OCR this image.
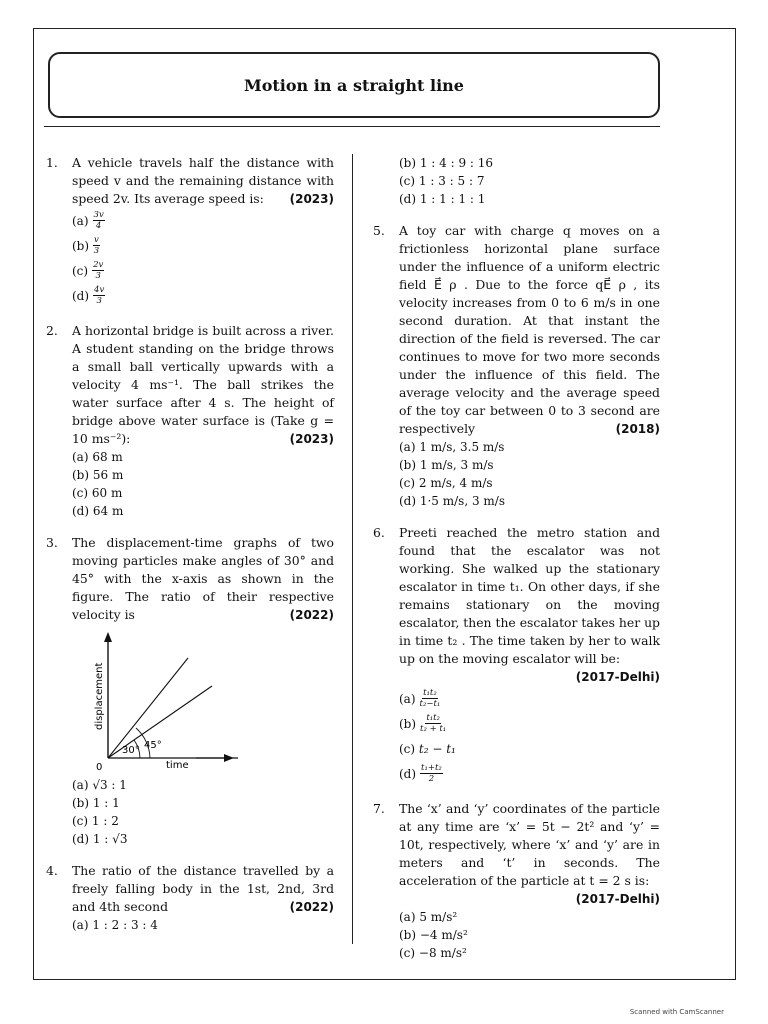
Motion in a straight line
1.	A vehicle travels half the distance with speed v and the remaining distance with speed 2v. Its average speed is: (2023)
$(a) \frac{3v}{4}$
$(b) \frac{v}{3}$
$(c) \frac{2v}{3}$
$(d) \frac{4v}{3}$
2.	A horizontal bridge is built across a river. A student standing on the bridge throws a small ball vertically upwards with a velocity 4 ms⁻¹. The ball strikes the water surface after 4 s. The height of bridge above water surface is (Take g = 10 ms⁻²):	(2023)
(a) 68 m
(b) 56 m
(c) 60 m
(d) 64 m
3.	The displacement-time graphs of two moving particles make angles of 30° and 45° with the x-axis as shown in the figure. The ratio of their respective velocity is	(2022)
displacement
time
0
30° 45°
(a) √3 : 1
(b) 1 : 1
(c) 1 : 2
(d) 1 : √3
4.	The ratio of the distance travelled by a freely falling body in the 1st, 2nd, 3rd and 4th second	(2022)
(a) 1 : 2 : 3 : 4
(b) 1 : 4 : 9 : 16
(c) 1 : 3 : 5 : 7
(d) 1 : 1 : 1 : 1
5.	A toy car with charge q moves on a frictionless horizontal plane surface under the influence of a uniform electric field E⃗ ρ . Due to the force qE⃗ ρ , its velocity increases from 0 to 6 m/s in one second duration. At that instant the direction of the field is reversed. The car continues to move for two more seconds under the influence of this field. The average velocity and the average speed of the toy car between 0 to 3 second are respectively	(2018)
(a) 1 m/s, 3.5 m/s
(b) 1 m/s, 3 m/s
(c) 2 m/s, 4 m/s
(d) 1·5 m/s, 3 m/s
6.	Preeti reached the metro station and found that the escalator was not working. She walked up the stationary escalator in time t₁. On other days, if she remains stationary on the moving escalator, then the escalator takes her up in time t₂ . The time taken by her to walk up on the moving escalator will be:
(2017-Delhi)
$(a) \frac{\text{t₁t₂}}{\text{t₂−t₁}}$
$(b) \frac{\text{t₁t₂}}{\text{t₂ + t₁}}$
(c)
t₂ − t₁
$(d) \frac{\text{t₁+t₂}}{2}$
7.	The ‘x’ and ‘y’ coordinates of the particle at any time are ‘x’ = 5t − 2t² and ‘y’ = 10t, respectively, where ‘x’ and ‘y’ are in meters and ‘t’ in seconds. The acceleration of the particle at t = 2 s is:
(2017-Delhi)
(a) 5 m/s²
(b) −4 m/s²
(c) −8 m/s²
Scanned with CamScanner
